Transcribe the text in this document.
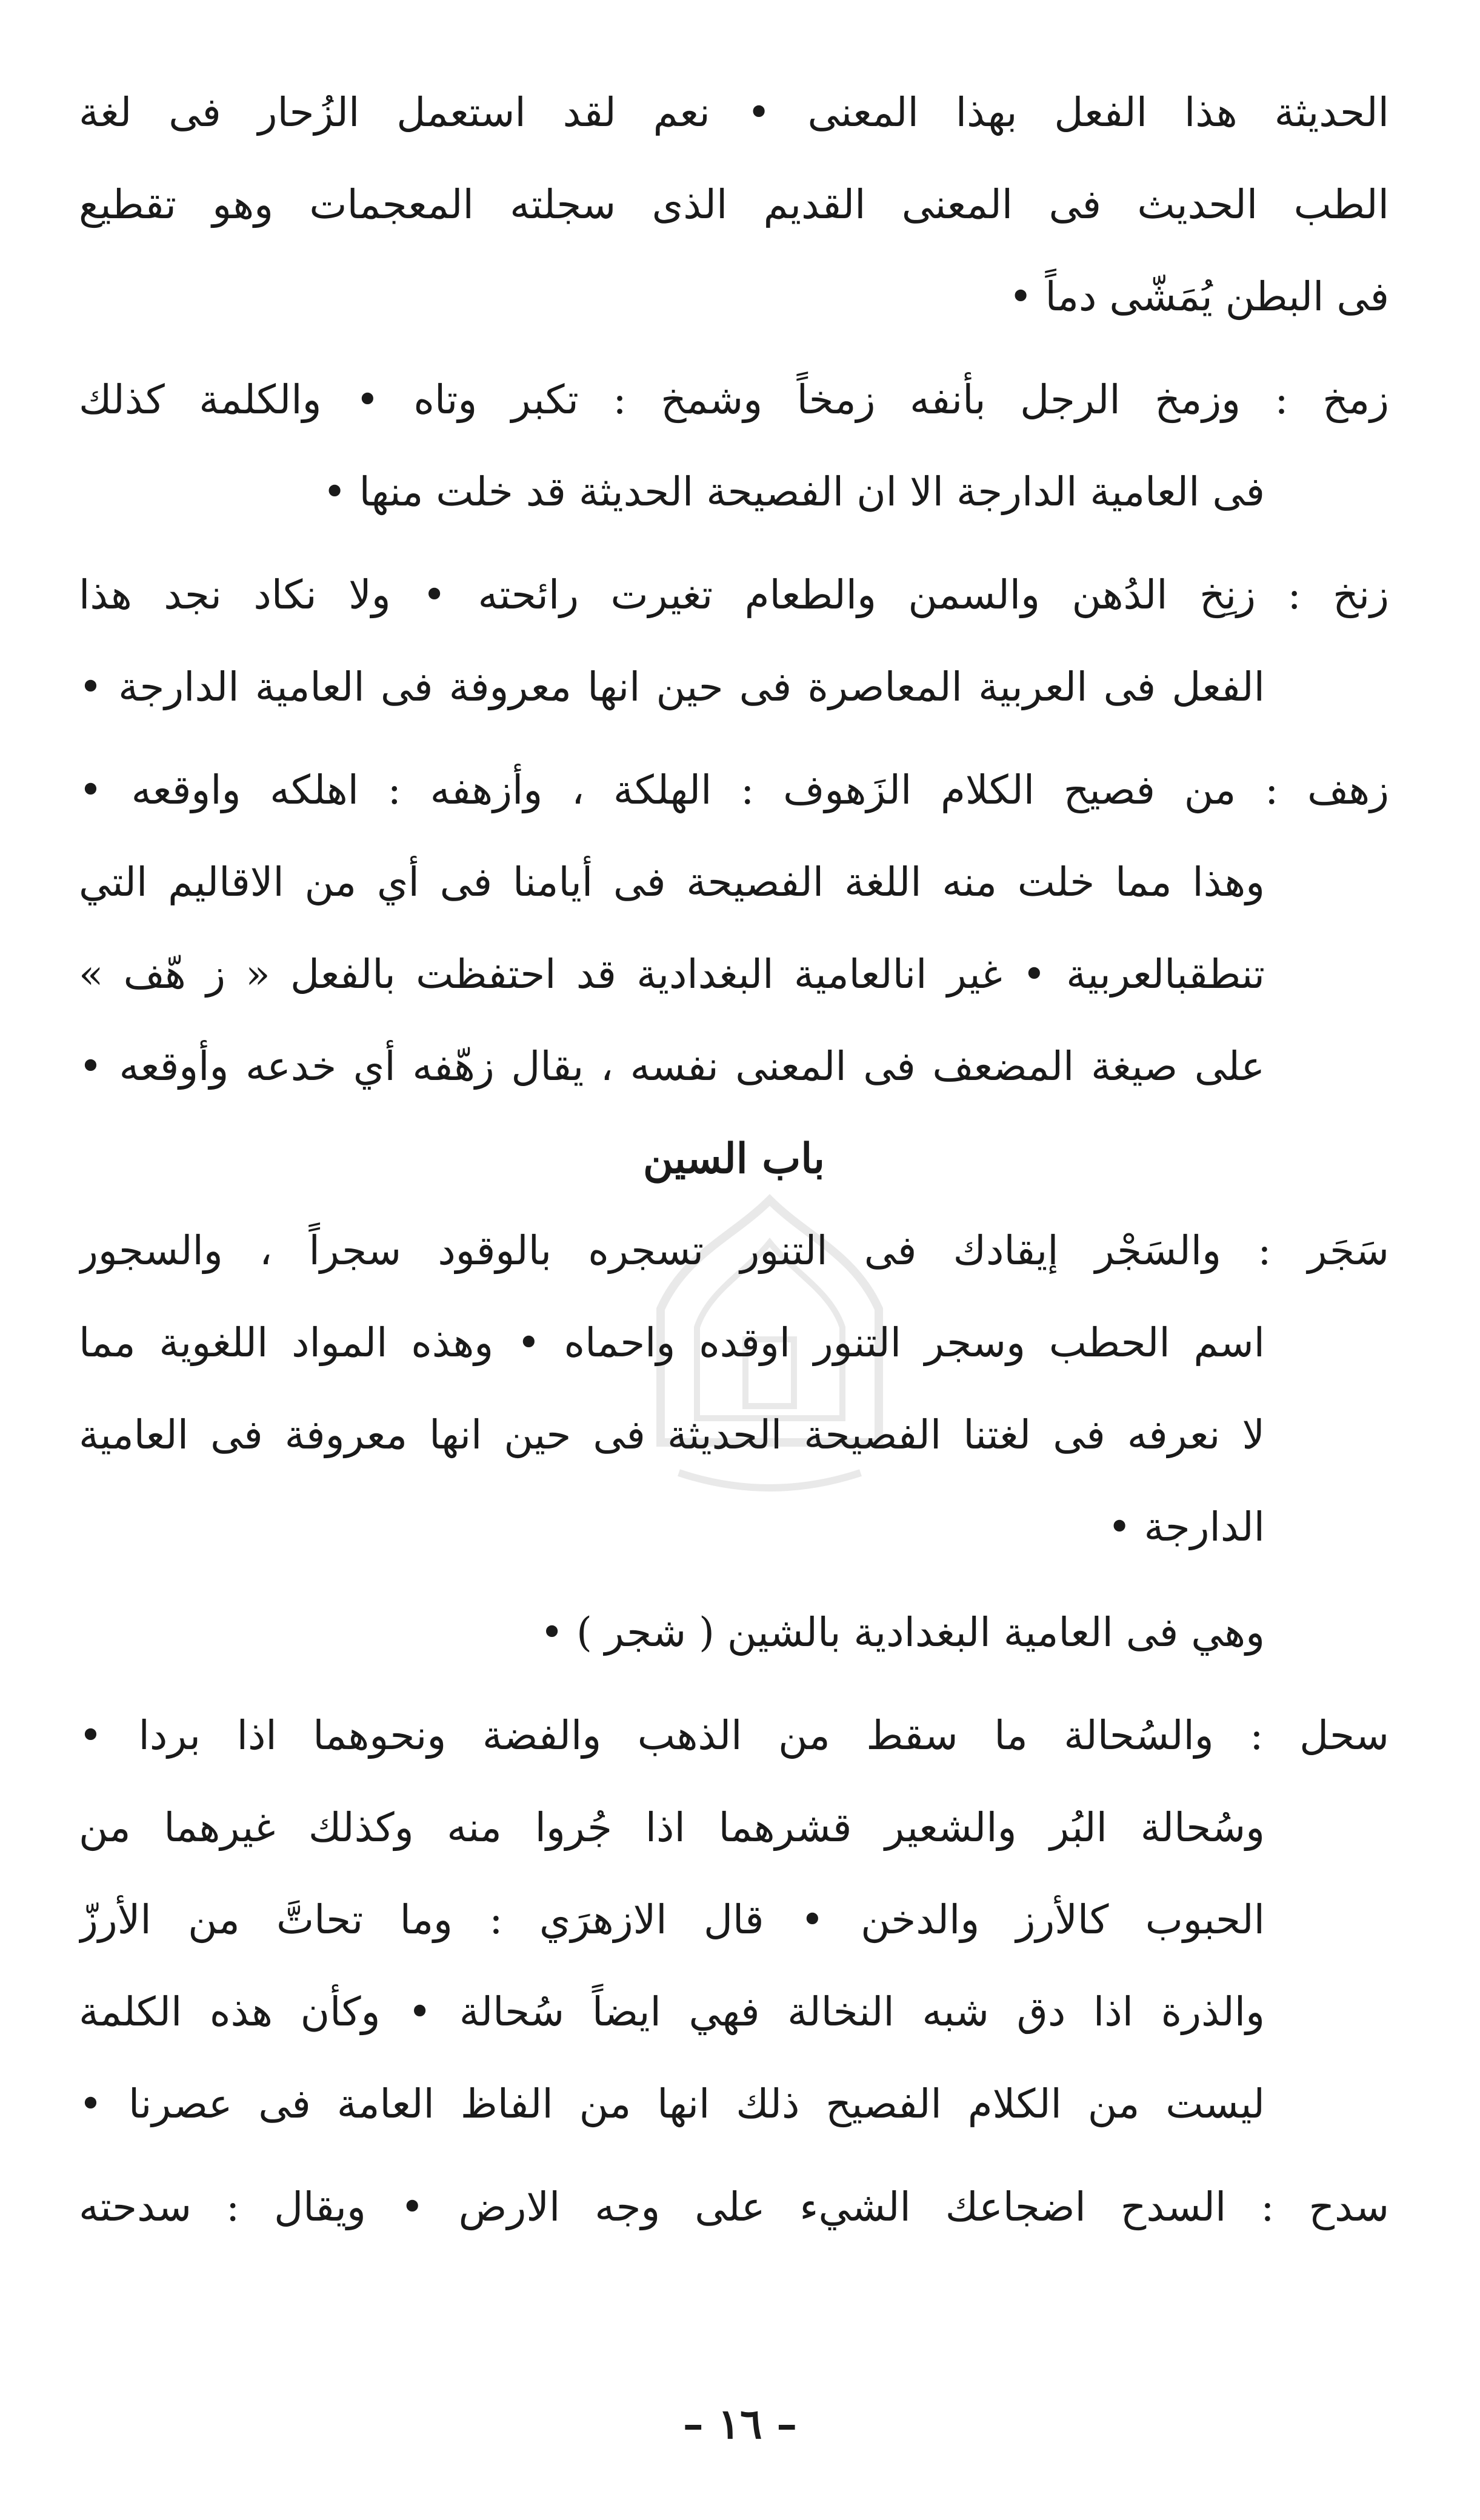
الحديثة هذا الفعل بهذا المعنى • نعم لقد استعمل الزُحار فى لغة
الطب الحديث فى المعنى القديم الذى سجلته المعجمات وهو تقطيع
فى البطن يُمَشّى دماً •
زمخ : وزمخ الرجل بأنفه زمخاً وشمخ : تكبر وتاه • والكلمة كذلك
فى العامية الدارجة الا ان الفصيحة الحديثة قد خلت منها •
زنخ : زنِخ الدُهن والسمن والطعام تغيرت رائحته • ولا نكاد نجد هذا
الفعل فى العربية المعاصرة فى حين انها معروفة فى العامية الدارجة •
زهف : من فصيح الكلام الزَهوف : الهلكة ، وأزهفه : اهلكه واوقعه •
وهذا مما خلت منه اللغة الفصيحة فى أيامنا فى أي من الاقاليم التي
تنطقبالعربية • غير انالعامية البغدادية قد احتفظت بالفعل « ز هّف »
على صيغة المضعف فى المعنى نفسه ، يقال زهّفه أي خدعه وأوقعه •
باب السين
سَجَر : والسَجْر إيقادك فى التنور تسجره بالوقود سجراً ، والسجور
اسم الحطب وسجر التنور اوقده واحماه • وهذه المواد اللغوية مما
لا نعرفه فى لغتنا الفصيحة الحديثة فى حين انها معروفة فى العامية
الدارجة •
وهي فى العامية البغدادية بالشين ( شجر ) •
سحل : والسُحالة ما سقط من الذهب والفضة ونحوهما اذا بردا •
وسُحالة البُر والشعير قشرهما اذا جُروا منه وكذلك غيرهما من
الحبوب كالأرز والدخن • قال الازهرَي : وما تحاتَّ من الأرزّ
والذرة اذا دق شبه النخالة فهي ايضاً سُحالة • وكأن هذه الكلمة
ليست من الكلام الفصيح ذلك انها من الفاظ العامة فى عصرنا •
سدح : السدح اضجاعك الشيء على وجه الارض • ويقال : سدحته
– ١٦ –
